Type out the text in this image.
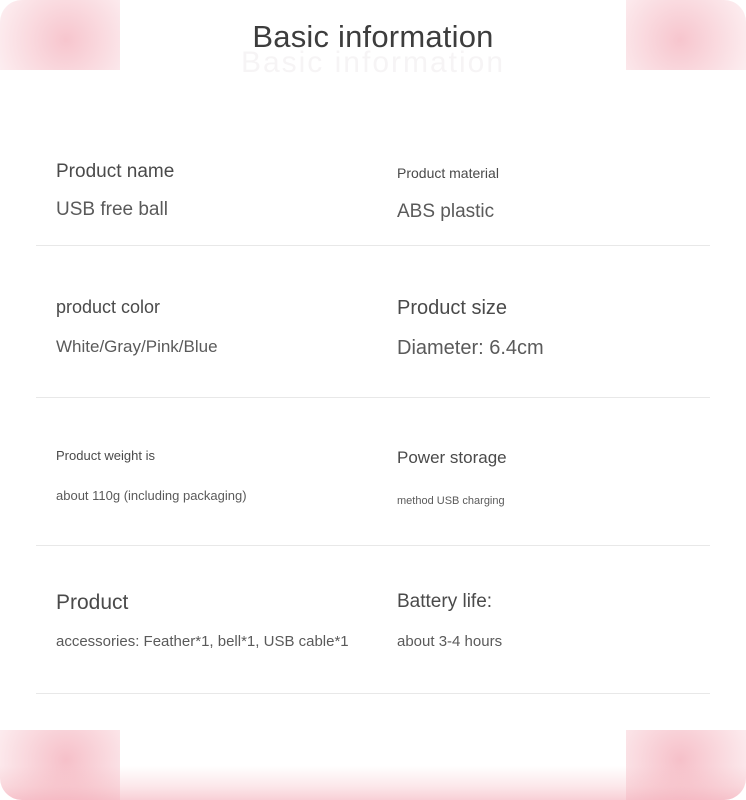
Basic information
Basic information

Product name

USB free ball

Product material

ABS plastic

product color

White/Gray/Pink/Blue

Product size

Diameter: 6.4cm

Product weight is

about 110g (including packaging)

Power storage

method USB charging

Product

accessories: Feather*1, bell*1, USB cable*1

Battery life:

about 3-4 hours
